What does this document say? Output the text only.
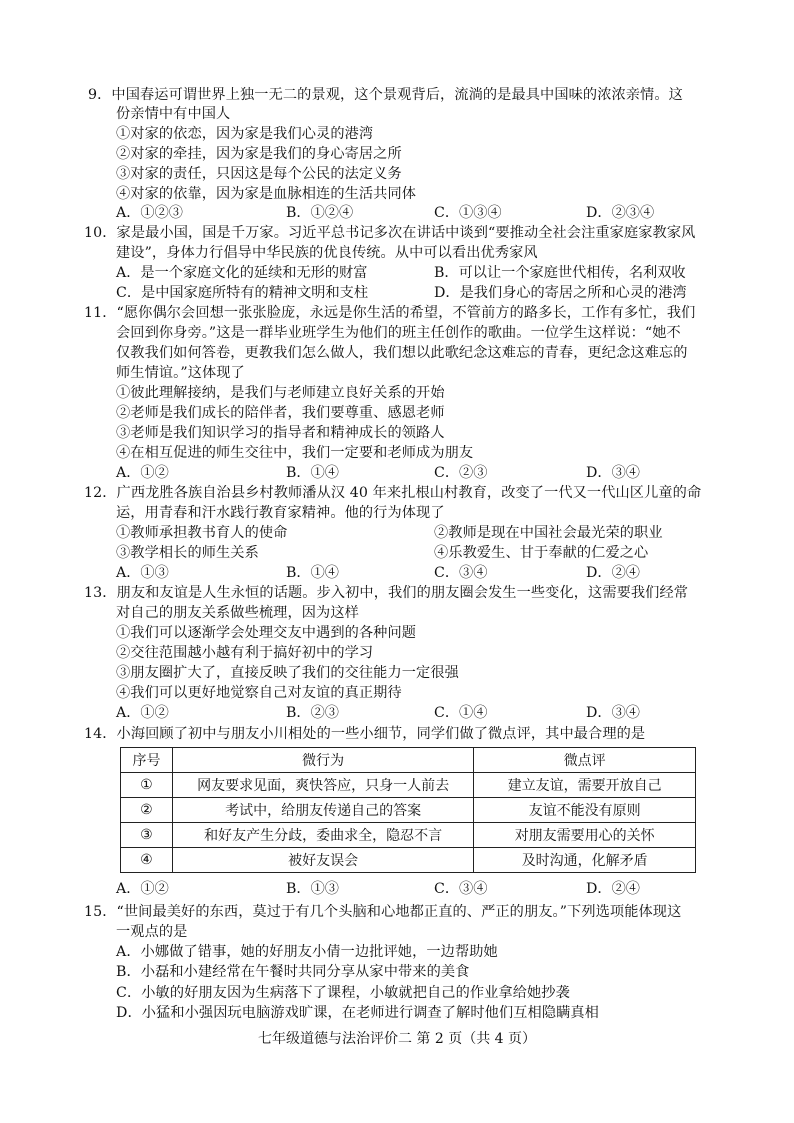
9．中国春运可谓世界上独一无二的景观，这个景观背后，流淌的是最具中国味的浓浓亲情。这
份亲情中有中国人
①对家的依恋，因为家是我们心灵的港湾
②对家的牵挂，因为家是我们的身心寄居之所
③对家的责任，只因这是每个公民的法定义务
④对家的依靠，因为家是血脉相连的生活共同体
A．①②③	B．①②④	C．①③④	D．②③④
10．家是最小国，国是千万家。习近平总书记多次在讲话中谈到“要推动全社会注重家庭家教家风
建设”，身体力行倡导中华民族的优良传统。从中可以看出优秀家风
A．是一个家庭文化的延续和无形的财富	B．可以让一个家庭世代相传，名利双收
C．是中国家庭所特有的精神文明和支柱	D．是我们身心的寄居之所和心灵的港湾
11．“愿你偶尔会回想一张张脸庞，永远是你生活的希望，不管前方的路多长，工作有多忙，我们
会回到你身旁。”这是一群毕业班学生为他们的班主任创作的歌曲。一位学生这样说：“她不
仅教我们如何答卷，更教我们怎么做人，我们想以此歌纪念这难忘的青春，更纪念这难忘的
师生情谊。”这体现了
①彼此理解接纳，是我们与老师建立良好关系的开始
②老师是我们成长的陪伴者，我们要尊重、感恩老师
③老师是我们知识学习的指导者和精神成长的领路人
④在相互促进的师生交往中，我们一定要和老师成为朋友
A．①②	B．①④	C．②③	D．③④
12．广西龙胜各族自治县乡村教师潘从汉 40 年来扎根山村教育，改变了一代又一代山区儿童的命
运，用青春和汗水践行教育家精神。他的行为体现了
①教师承担教书育人的使命	②教师是现在中国社会最光荣的职业
③教学相长的师生关系	④乐教爱生、甘于奉献的仁爱之心
A．①③	B．①④	C．③④	D．②④
13．朋友和友谊是人生永恒的话题。步入初中，我们的朋友圈会发生一些变化，这需要我们经常
对自己的朋友关系做些梳理，因为这样
①我们可以逐渐学会处理交友中遇到的各种问题
②交往范围越小越有利于搞好初中的学习
③朋友圈扩大了，直接反映了我们的交往能力一定很强
④我们可以更好地觉察自己对友谊的真正期待
A．①②	B．②③	C．①④	D．③④
14．小海回顾了初中与朋友小川相处的一些小细节，同学们做了微点评，其中最合理的是
序号	微行为	微点评
①	网友要求见面，爽快答应，只身一人前去	建立友谊，需要开放自己
②	考试中，给朋友传递自己的答案	友谊不能没有原则
③	和好友产生分歧，委曲求全，隐忍不言	对朋友需要用心的关怀
④	被好友误会	及时沟通，化解矛盾
A．①②	B．①③	C．③④	D．②④
15．“世间最美好的东西，莫过于有几个头脑和心地都正直的、严正的朋友。”下列选项能体现这
一观点的是
A．小娜做了错事，她的好朋友小倩一边批评她，一边帮助她
B．小磊和小建经常在午餐时共同分享从家中带来的美食
C．小敏的好朋友因为生病落下了课程，小敏就把自己的作业拿给她抄袭
D．小猛和小强因玩电脑游戏旷课，在老师进行调查了解时他们互相隐瞒真相
七年级道德与法治评价二 第 2 页（共 4 页）
